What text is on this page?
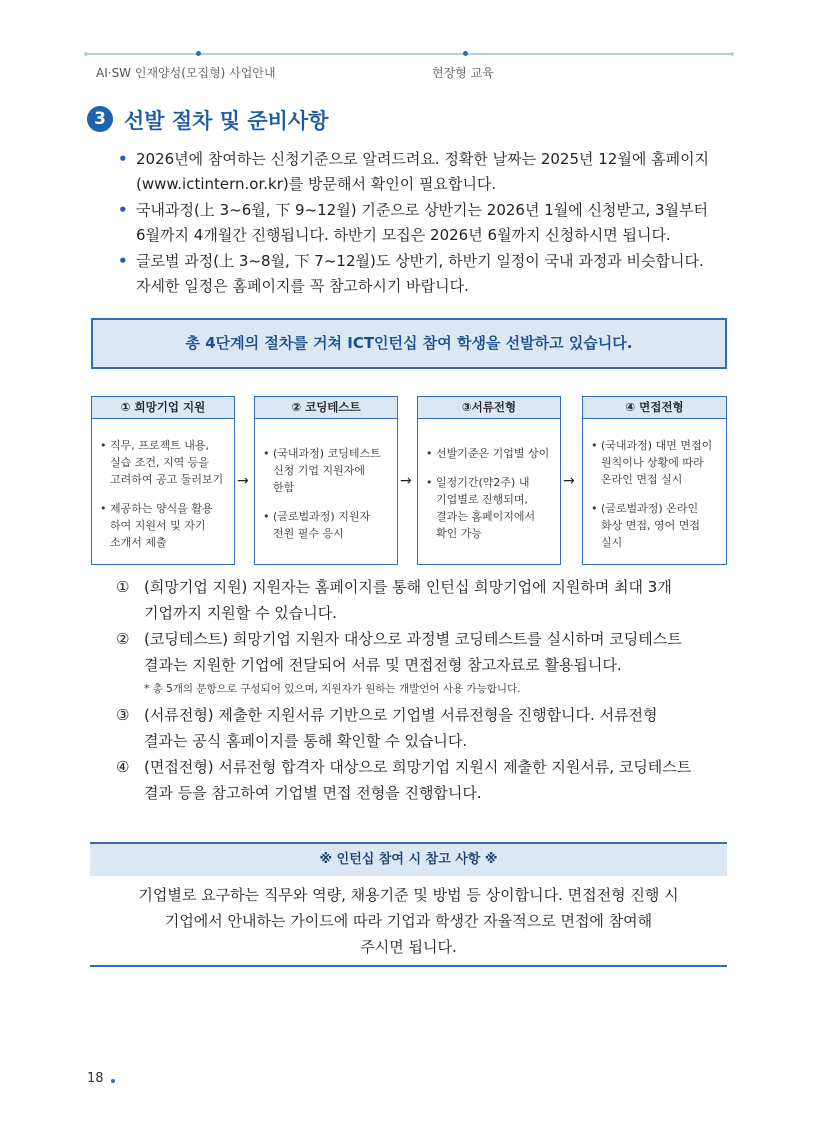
AI·SW 인재양성(모집형) 사업안내	현장형 교육
3 선발 절차 및 준비사항
• 2026년에 참여하는 신청기준으로 알려드려요. 정확한 날짜는 2025년 12월에 홈페이지
(www.ictintern.or.kr)를 방문해서 확인이 필요합니다.
• 국내과정(上 3~6월, 下 9~12월) 기준으로 상반기는 2026년 1월에 신청받고, 3월부터
6월까지 4개월간 진행됩니다. 하반기 모집은 2026년 6월까지 신청하시면 됩니다.
• 글로벌 과정(上 3~8월, 下 7~12월)도 상반기, 하반기 일정이 국내 과정과 비슷합니다.
자세한 일정은 홈페이지를 꼭 참고하시기 바랍니다.
총 4단계의 절차를 거쳐 ICT인턴십 참여 학생을 선발하고 있습니다.
① 희망기업 지원
• 직무, 프로젝트 내용,
실습 조건, 지역 등을
고려하여 공고 둘러보기
• 제공하는 양식을 활용
하여 지원서 및 자기
소개서 제출
→
② 코딩테스트
• (국내과정) 코딩테스트
신청 기업 지원자에
한함
• (글로벌과정) 지원자
전원 필수 응시
→
③서류전형
• 선발기준은 기업별 상이
• 일정기간(약2주) 내
기업별로 진행되며,
결과는 홈페이지에서
확인 가능
→
④ 면접전형
• (국내과정) 대면 면접이
원칙이나 상황에 따라
온라인 면접 실시
• (글로벌과정) 온라인
화상 면접, 영어 면접
실시
① (희망기업 지원) 지원자는 홈페이지를 통해 인턴십 희망기업에 지원하며 최대 3개
기업까지 지원할 수 있습니다.
② (코딩테스트) 희망기업 지원자 대상으로 과정별 코딩테스트를 실시하며 코딩테스트
결과는 지원한 기업에 전달되어 서류 및 면접전형 참고자료로 활용됩니다.
* 총 5개의 문항으로 구성되어 있으며, 지원자가 원하는 개발언어 사용 가능합니다.
③ (서류전형) 제출한 지원서류 기반으로 기업별 서류전형을 진행합니다. 서류전형
결과는 공식 홈페이지를 통해 확인할 수 있습니다.
④ (면접전형) 서류전형 합격자 대상으로 희망기업 지원시 제출한 지원서류, 코딩테스트
결과 등을 참고하여 기업별 면접 전형을 진행합니다.
※ 인턴십 참여 시 참고 사항 ※
기업별로 요구하는 직무와 역량, 채용기준 및 방법 등 상이합니다. 면접전형 진행 시
기업에서 안내하는 가이드에 따라 기업과 학생간 자율적으로 면접에 참여해
주시면 됩니다.
18
